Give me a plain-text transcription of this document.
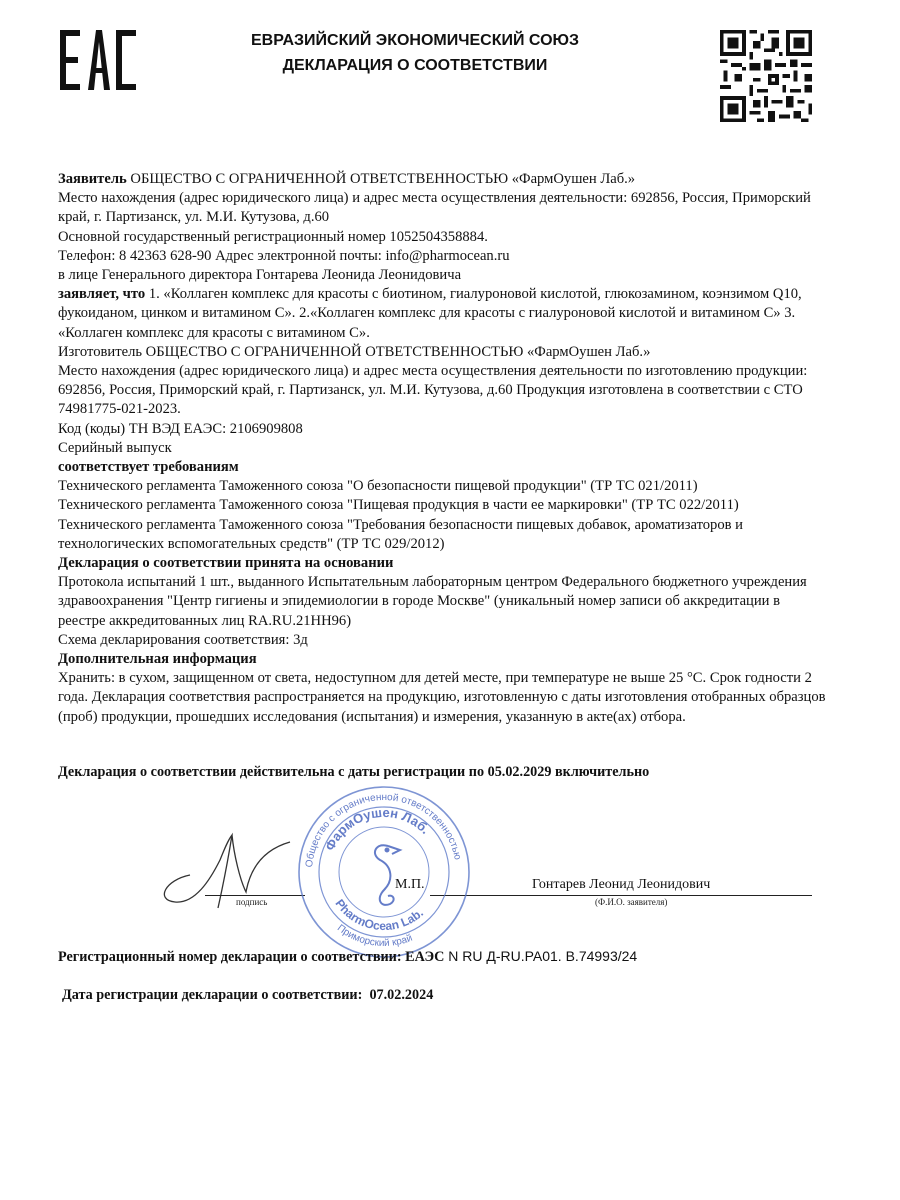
ЕВРАЗИЙСКИЙ ЭКОНОМИЧЕСКИЙ СОЮЗ
ДЕКЛАРАЦИЯ О СООТВЕТСТВИИ

Заявитель ОБЩЕСТВО С ОГРАНИЧЕННОЙ ОТВЕТСТВЕННОСТЬЮ «ФармОушен Лаб.»

Место нахождения (адрес юридического лица) и адрес места осуществления деятельности: 692856, Россия, Приморский край, г. Партизанск, ул. М.И. Кутузова, д.60

Основной государственный регистрационный номер 1052504358884.

Телефон: 8 42363 628-90 Адрес электронной почты: info@pharmocean.ru

в лице Генерального директора Гонтарева Леонида Леонидовича

заявляет, что 1. «Коллаген комплекс для красоты с биотином, гиалуроновой кислотой, глюкозамином, коэнзимом Q10, фукоиданом, цинком и витамином С». 2.«Коллаген комплекс для красоты с гиалуроновой кислотой и витамином С» 3. «Коллаген комплекс для красоты с витамином С».

Изготовитель ОБЩЕСТВО С ОГРАНИЧЕННОЙ ОТВЕТСТВЕННОСТЬЮ «ФармОушен Лаб.»

Место нахождения (адрес юридического лица) и адрес места осуществления деятельности по изготовлению продукции: 692856, Россия, Приморский край, г. Партизанск, ул. М.И. Кутузова, д.60 Продукция изготовлена в соответствии с СТО 74981775-021-2023.

Код (коды) ТН ВЭД ЕАЭС: 2106909808

Серийный выпуск

соответствует требованиям

Технического регламента Таможенного союза "О безопасности пищевой продукции" (ТР ТС 021/2011)

Технического регламента Таможенного союза "Пищевая продукция в части ее маркировки" (ТР ТС 022/2011)

Технического регламента Таможенного союза "Требования безопасности пищевых добавок, ароматизаторов и технологических вспомогательных средств" (ТР ТС 029/2012)

Декларация о соответствии принята на основании

Протокола испытаний 1 шт., выданного Испытательным лабораторным центром Федерального бюджетного учреждения здравоохранения "Центр гигиены и эпидемиологии в городе Москве" (уникальный номер записи об аккредитации в реестре аккредитованных лиц RA.RU.21HH96)

Схема декларирования соответствия: 3д

Дополнительная информация

Хранить: в сухом, защищенном от света, недоступном для детей месте, при температуре не выше 25 °С. Срок годности 2 года. Декларация соответствия распространяется на продукцию, изготовленную с даты изготовления отобранных образцов (проб) продукции, прошедших исследования (испытания) и измерения, указанную в акте(ах) отбора.

Декларация о соответствии действительна с даты регистрации по 05.02.2029 включительно
подпись
М.П.	Гонтарев Леонид Леонидович
(Ф.И.О. заявителя)
Общество с ограниченной ответственностью
ФармОушен Лаб.
Приморский край
PharmOcean Lab.
Регистрационный номер декларации о соответствии: ЕАЭС N RU Д-RU.PA01. B.74993/24
Дата регистрации декларации о соответствии:  07.02.2024
